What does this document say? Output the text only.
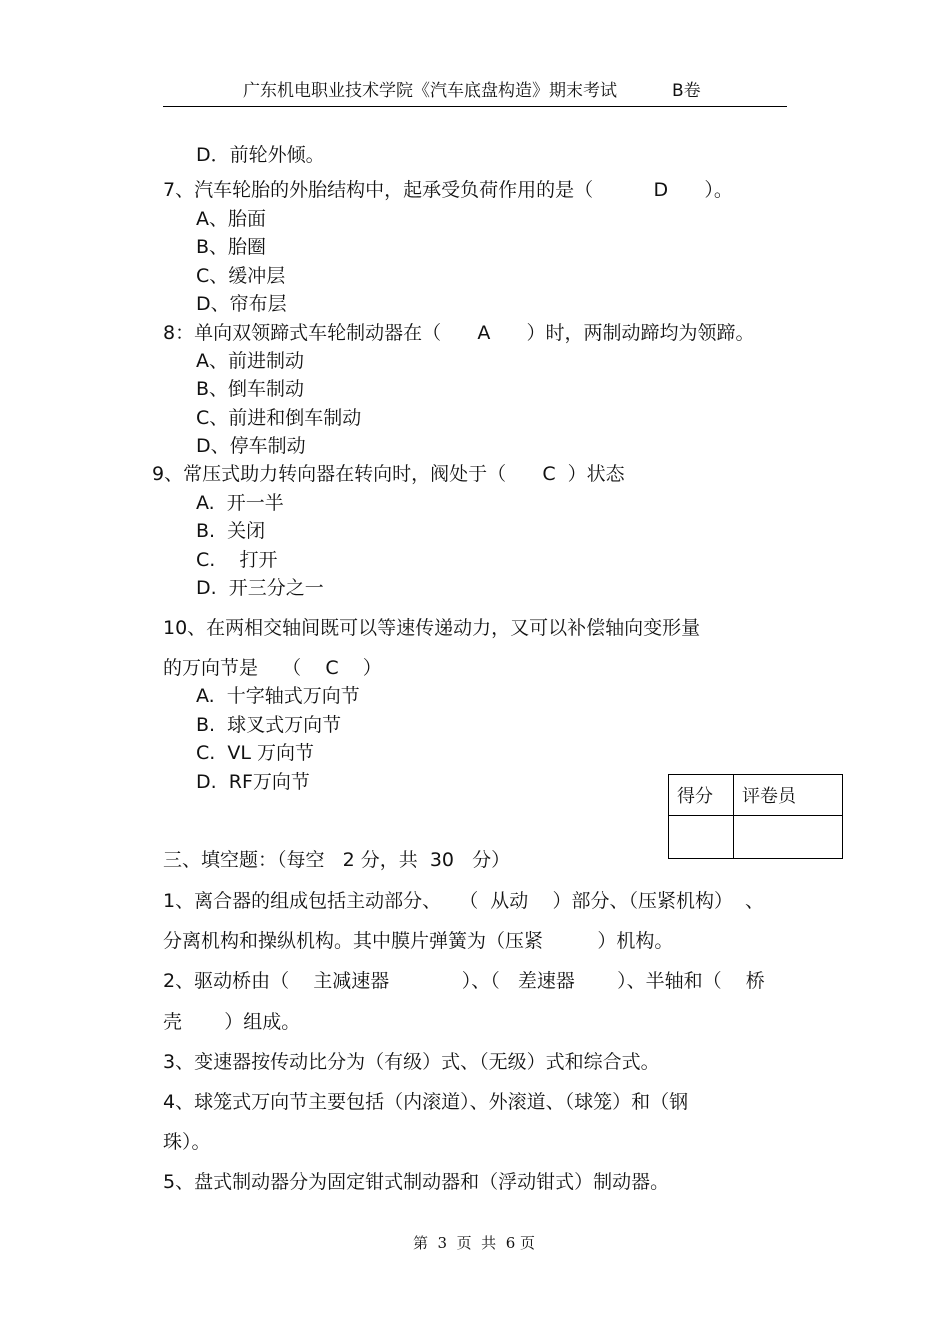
广东机电职业技术学院《汽车底盘构造》期末考试	B卷
D．前轮外倾。
7、汽车轮胎的外胎结构中，起承受负荷作用的是（          D      ）。
A、胎面
B、胎圈
C、缓冲层
D、帘布层
8：单向双领蹄式车轮制动器在（      A      ）时，两制动蹄均为领蹄。
A、前进制动
B、倒车制动
C、前进和倒车制动
D、停车制动
9、常压式助力转向器在转向时，阀处于（      C  ）状态
A.  开一半
B.  关闭
C.    打开
D.  开三分之一
10、在两相交轴间既可以等速传递动力，又可以补偿轴向变形量
的万向节是    （    C    ）
A.  十字轴式万向节
B.  球叉式万向节
C.  VL 万向节
D.  RF万向节
得分	评卷员

三、填空题：（每空   2 分，共  30   分）
1、离合器的组成包括主动部分、   （  从动    ）部分、（压紧机构）  、
分离机构和操纵机构。其中膜片弹簧为（压紧         ）机构。
2、驱动桥由（    主减速器            ）、（   差速器       ）、半轴和（    桥
壳       ）组成。
3、变速器按传动比分为（有级）式、（无级）式和综合式。
4、球笼式万向节主要包括（内滚道）、外滚道、（球笼）和（钢
珠）。
5、盘式制动器分为固定钳式制动器和（浮动钳式）制动器。
第  3  页  共  6 页
